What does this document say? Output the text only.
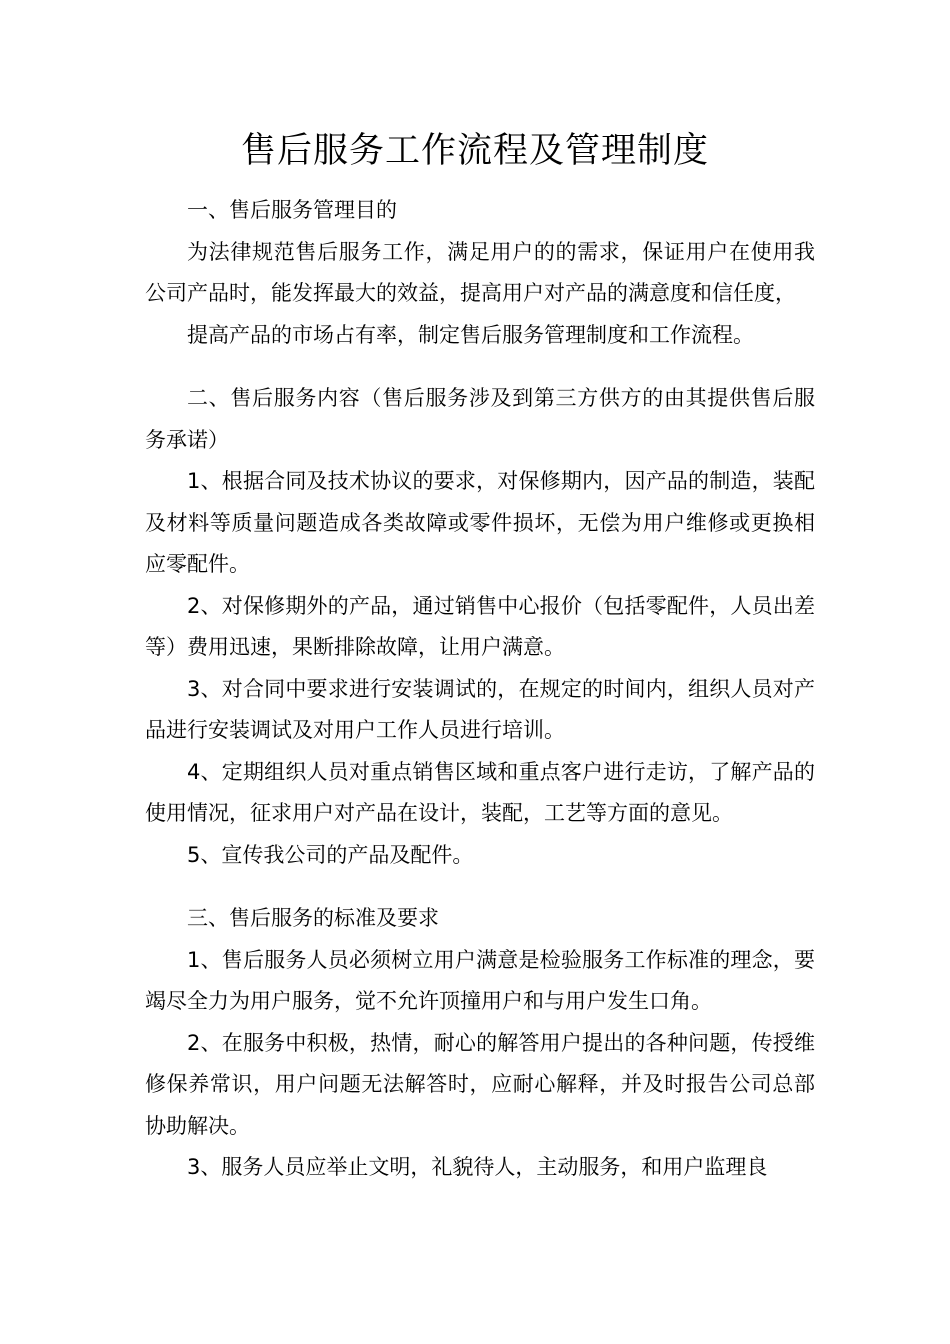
售后服务工作流程及管理制度

一、售后服务管理目的

为法律规范售后服务工作，满足用户的的需求，保证用户在使用我公司产品时，能发挥最大的效益，提高用户对产品的满意度和信任度，

提高产品的市场占有率，制定售后服务管理制度和工作流程。

二、售后服务内容（售后服务涉及到第三方供方的由其提供售后服务承诺）

1、根据合同及技术协议的要求，对保修期内，因产品的制造，装配及材料等质量问题造成各类故障或零件损坏，无偿为用户维修或更换相应零配件。

2、对保修期外的产品，通过销售中心报价（包括零配件，人员出差等）费用迅速，果断排除故障，让用户满意。

3、对合同中要求进行安装调试的，在规定的时间内，组织人员对产品进行安装调试及对用户工作人员进行培训。

4、定期组织人员对重点销售区域和重点客户进行走访，了解产品的使用情况，征求用户对产品在设计，装配，工艺等方面的意见。

5、宣传我公司的产品及配件。

三、售后服务的标准及要求

1、售后服务人员必须树立用户满意是检验服务工作标准的理念，要竭尽全力为用户服务，觉不允许顶撞用户和与用户发生口角。

2、在服务中积极，热情，耐心的解答用户提出的各种问题，传授维修保养常识，用户问题无法解答时，应耐心解释，并及时报告公司总部协助解决。

3、服务人员应举止文明，礼貌待人，主动服务，和用户监理良
